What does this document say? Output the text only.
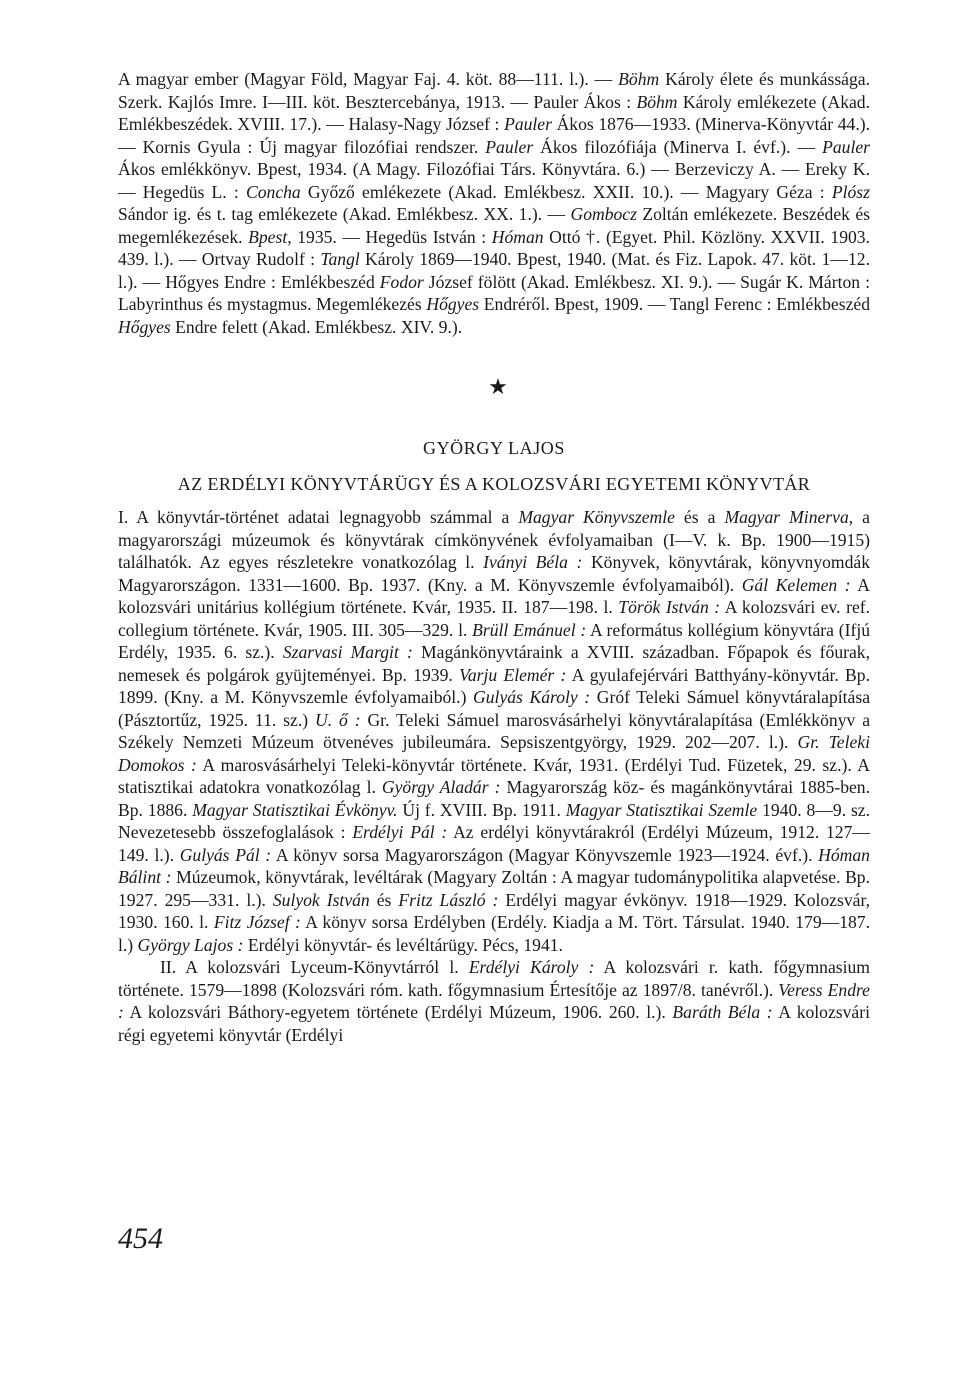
A magyar ember (Magyar Föld, Magyar Faj. 4. köt. 88—111. l.). — Böhm Károly élete és munkássága. Szerk. Kajlós Imre. I—III. köt. Besztercebánya, 1913. — Pauler Ákos : Böhm Károly emlékezete (Akad. Emlékbeszédek. XVIII. 17.). — Halasy-Nagy József : Pauler Ákos 1876—1933. (Minerva-Könyvtár 44.). — Kornis Gyula : Új magyar filozófiai rendszer. Pauler Ákos filozófiája (Minerva I. évf.). — Pauler Ákos emlékkönyv. Bpest, 1934. (A Magy. Filozófiai Társ. Könyvtára. 6.) — Berzeviczy A. — Ereky K. — Hegedüs L. : Concha Győző emlékezete (Akad. Emlékbesz. XXII. 10.). — Magyary Géza : Plósz Sándor ig. és t. tag emlékezete (Akad. Emlékbesz. XX. 1.). — Gombocz Zoltán emlékezete. Beszédek és megemlékezések. Bpest, 1935. — Hegedüs István : Hóman Ottó †. (Egyet. Phil. Közlöny. XXVII. 1903. 439. l.). — Ortvay Rudolf : Tangl Károly 1869—1940. Bpest, 1940. (Mat. és Fiz. Lapok. 47. köt. 1—12. l.). — Hőgyes Endre : Emlékbeszéd Fodor József fölött (Akad. Emlékbesz. XI. 9.). — Sugár K. Márton : Labyrinthus és mystagmus. Megemlékezés Hőgyes Endréről. Bpest, 1909. — Tangl Ferenc : Emlékbeszéd Hőgyes Endre felett (Akad. Emlékbesz. XIV. 9.).

★
GYÖRGY LAJOS
AZ ERDÉLYI KÖNYVTÁRÜGY ÉS A KOLOZSVÁRI EGYETEMI KÖNYVTÁR

I. A könyvtár-történet adatai legnagyobb számmal a Magyar Könyvszemle és a Magyar Minerva, a magyarországi múzeumok és könyvtárak címkönyvének évfolyamaiban (I—V. k. Bp. 1900—1915) találhatók. Az egyes részletekre vonatkozólag l. Iványi Béla : Könyvek, könyvtárak, könyvnyomdák Magyarországon. 1331—1600. Bp. 1937. (Kny. a M. Könyvszemle évfolyamaiból). Gál Kelemen : A kolozsvári unitárius kollégium története. Kvár, 1935. II. 187—198. l. Török István : A kolozsvári ev. ref. collegium története. Kvár, 1905. III. 305—329. l. Brüll Emánuel : A református kollégium könyvtára (Ifjú Erdély, 1935. 6. sz.). Szarvasi Margit : Magánkönyvtáraink a XVIII. században. Főpapok és főurak, nemesek és polgárok gyüjteményei. Bp. 1939. Varju Elemér : A gyulafejérvári Batthyány-könyvtár. Bp. 1899. (Kny. a M. Könyvszemle évfolyamaiból.) Gulyás Károly : Gróf Teleki Sámuel könyvtáralapítása (Pásztortűz, 1925. 11. sz.) U. ő : Gr. Teleki Sámuel marosvásárhelyi könyvtáralapítása (Emlékkönyv a Székely Nemzeti Múzeum ötvenéves jubileumára. Sepsiszentgyörgy, 1929. 202—207. l.). Gr. Teleki Domokos : A marosvásárhelyi Teleki-könyvtár története. Kvár, 1931. (Erdélyi Tud. Füzetek, 29. sz.). A statisztikai adatokra vonatkozólag l. György Aladár : Magyarország köz- és magánkönyvtárai 1885-ben. Bp. 1886. Magyar Statisztikai Évkönyv. Új f. XVIII. Bp. 1911. Magyar Statisztikai Szemle 1940. 8—9. sz. Nevezetesebb összefoglalások : Erdélyi Pál : Az erdélyi könyvtárakról (Erdélyi Múzeum, 1912. 127—149. l.). Gulyás Pál : A könyv sorsa Magyarországon (Magyar Könyvszemle 1923—1924. évf.). Hóman Bálint : Múzeumok, könyvtárak, levéltárak (Magyary Zoltán : A magyar tudománypolitika alapvetése. Bp. 1927. 295—331. l.). Sulyok István és Fritz László : Erdélyi magyar évkönyv. 1918—1929. Kolozsvár, 1930. 160. l. Fitz József : A könyv sorsa Erdélyben (Erdély. Kiadja a M. Tört. Társulat. 1940. 179—187. l.) György Lajos : Erdélyi könyvtár- és levéltárügy. Pécs, 1941.

II. A kolozsvári Lyceum-Könyvtárról l. Erdélyi Károly : A kolozsvári r. kath. főgymnasium története. 1579—1898 (Kolozsvári róm. kath. főgymnasium Értesítője az 1897/8. tanévről.). Veress Endre : A kolozsvári Báthory-egyetem története (Erdélyi Múzeum, 1906. 260. l.). Baráth Béla : A kolozsvári régi egyetemi könyvtár (Erdélyi

454
